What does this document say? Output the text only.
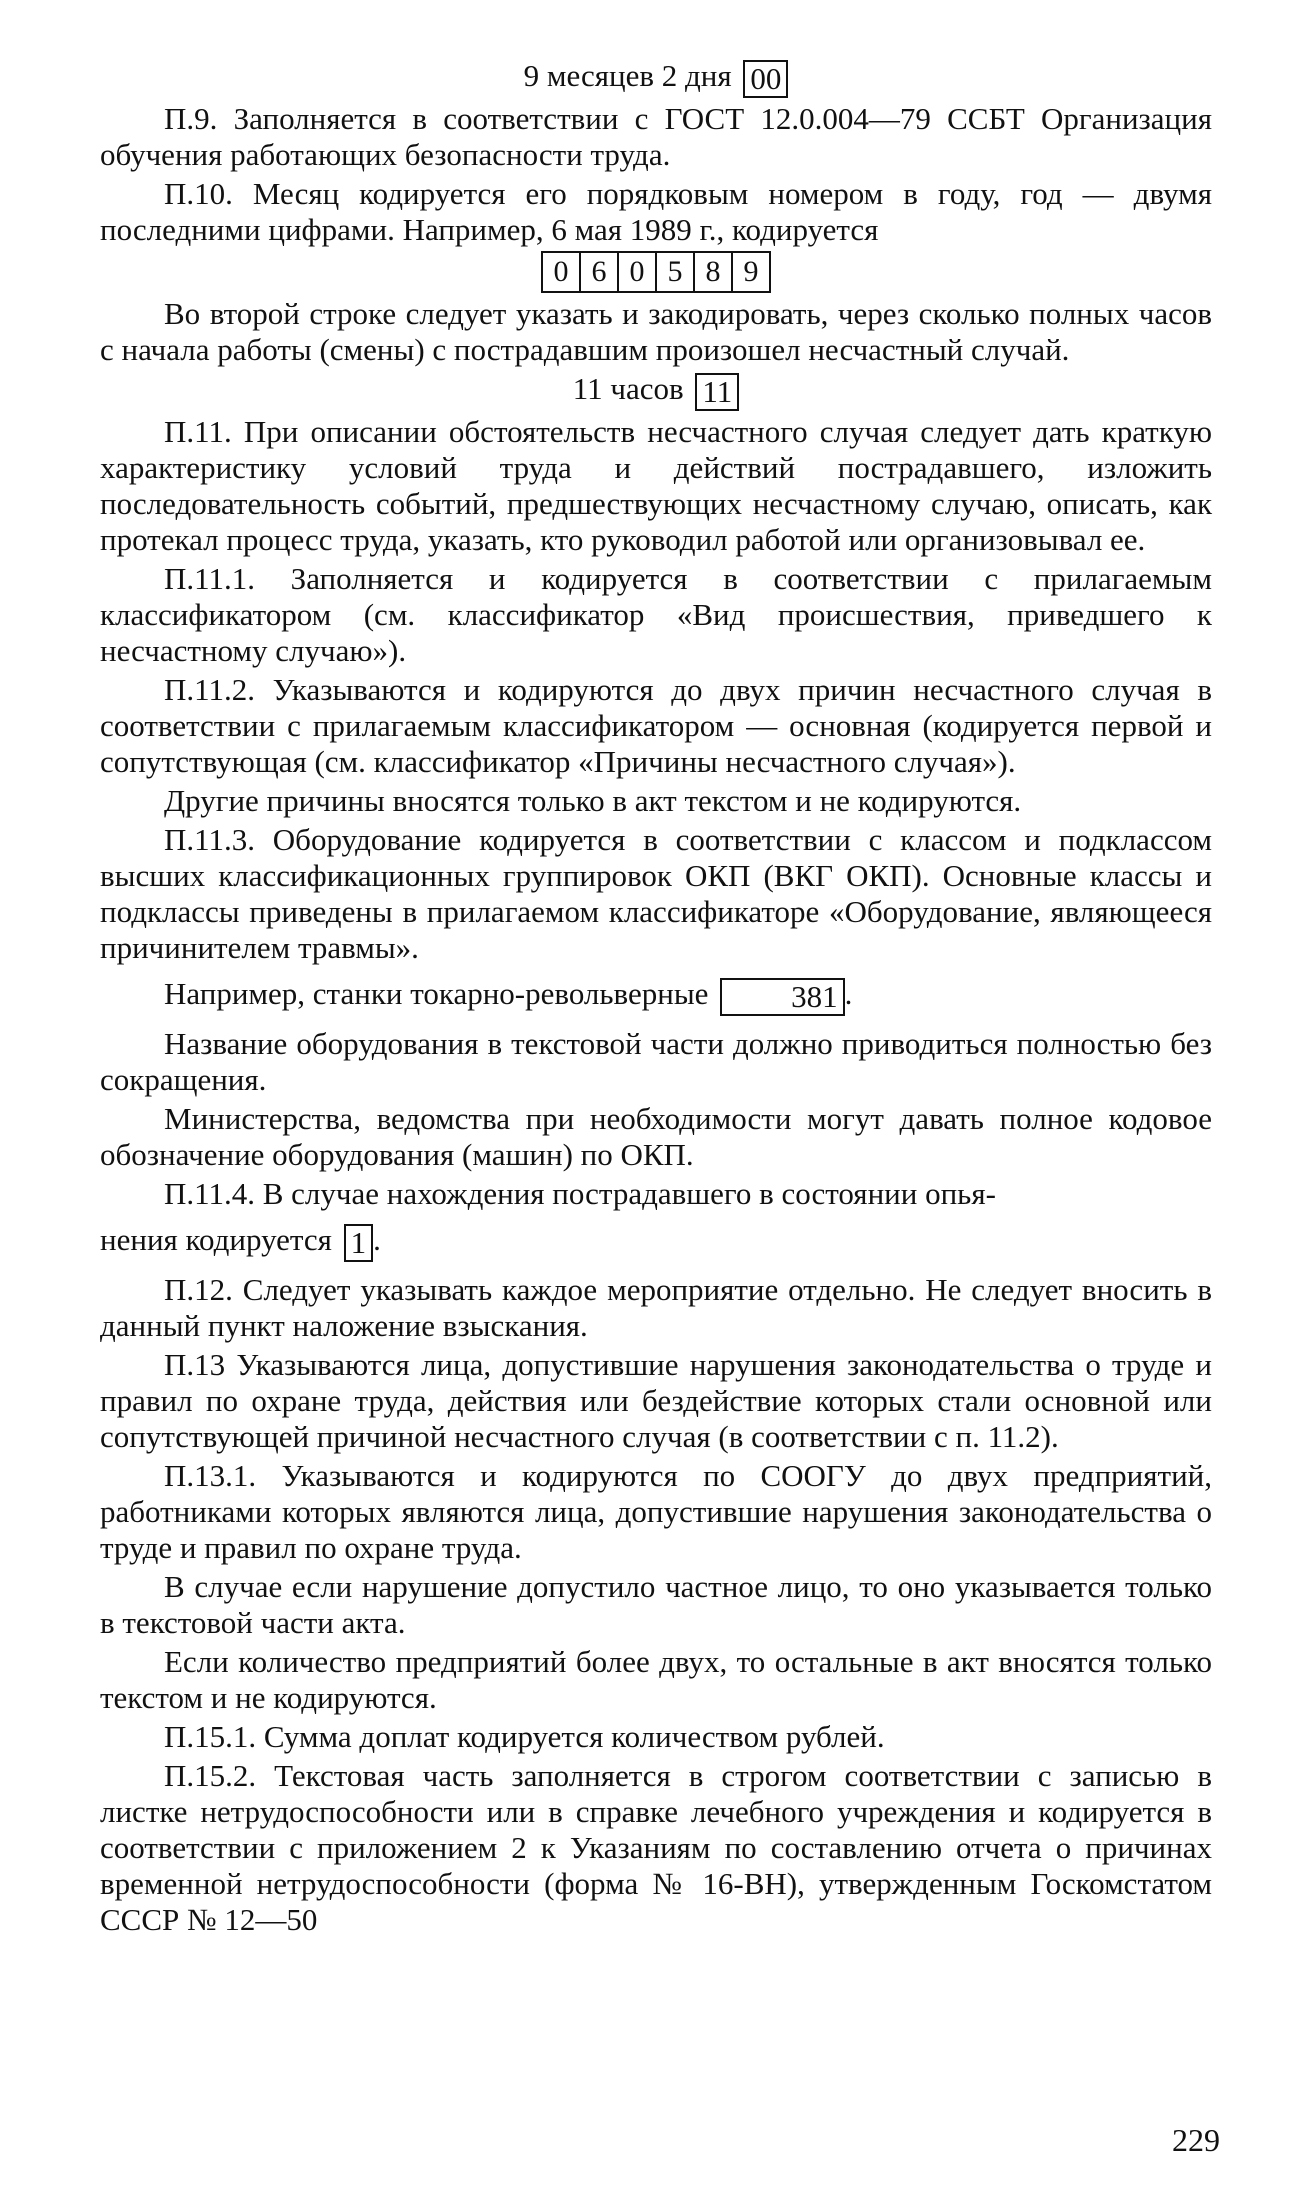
9 месяцев 2 дня 00

П.9. Заполняется в соответствии с ГОСТ 12.0.004—79 ССБТ Организация обучения работающих безопасности труда.

П.10. Месяц кодируется его порядковым номером в году, год — двумя последними цифрами. Например, 6 мая 1989 г., кодируется

0 6 0 5 8 9

Во второй строке следует указать и закодировать, через сколько полных часов с начала работы (смены) с пострадавшим произошел несчастный случай.

11 часов 11

П.11. При описании обстоятельств несчастного случая следует дать краткую характеристику условий труда и действий пострадавшего, изложить последовательность событий, предшествующих несчастному случаю, описать, как протекал процесс труда, указать, кто руководил работой или организовывал ее.

П.11.1. Заполняется и кодируется в соответствии с прилагаемым классификатором (см. классификатор «Вид происшествия, приведшего к несчастному случаю»).

П.11.2. Указываются и кодируются до двух причин несчастного случая в соответствии с прилагаемым классификатором — основная (кодируется первой и сопутствующая (см. классификатор «Причины несчастного случая»).

Другие причины вносятся только в акт текстом и не кодируются.

П.11.3. Оборудование кодируется в соответствии с классом и подклассом высших классификационных группировок ОКП (ВКГ ОКП). Основные классы и подклассы приведены в прилагаемом классификаторе «Оборудование, являющееся причинителем травмы».

Например, станки токарно-револьверные	381 .

Название оборудования в текстовой части должно приводиться полностью без сокращения.

Министерства, ведомства при необходимости могут давать полное кодовое обозначение оборудования (машин) по ОКП.

П.11.4. В случае нахождения пострадавшего в состоянии опья-

нения кодируется 1 .

П.12. Следует указывать каждое мероприятие отдельно. Не следует вносить в данный пункт наложение взыскания.

П.13 Указываются лица, допустившие нарушения законодательства о труде и правил по охране труда, действия или бездействие которых стали основной или сопутствующей причиной несчастного случая (в соответствии с п. 11.2).

П.13.1. Указываются и кодируются по СООГУ до двух предприятий, работниками которых являются лица, допустившие нарушения законодательства о труде и правил по охране труда.

В случае если нарушение допустило частное лицо, то оно указывается только в текстовой части акта.

Если количество предприятий более двух, то остальные в акт вносятся только текстом и не кодируются.

П.15.1. Сумма доплат кодируется количеством рублей.

П.15.2. Текстовая часть заполняется в строгом соответствии с записью в листке нетрудоспособности или в справке лечебного учреждения и кодируется в соответствии с приложением 2 к Указаниям по составлению отчета о причинах временной нетрудоспособности (форма № 16-ВН), утвержденным Госкомстатом СССР № 12—50

229
